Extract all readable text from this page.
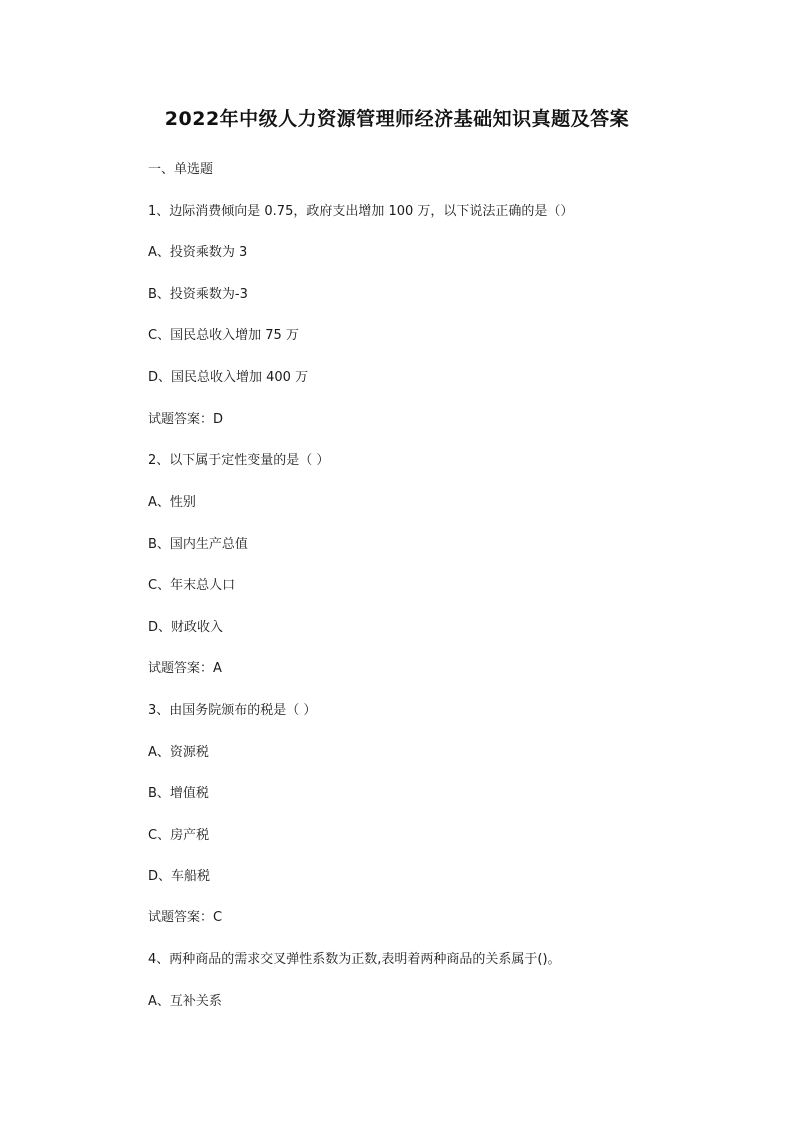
2022年中级人力资源管理师经济基础知识真题及答案
一、单选题
1、边际消费倾向是 0.75，政府支出增加 100 万，以下说法正确的是（）
A、投资乘数为 3
B、投资乘数为-3
C、国民总收入增加 75 万
D、国民总收入增加 400 万
试题答案：D
2、以下属于定性变量的是（ ）
A、性别
B、国内生产总值
C、年末总人口
D、财政收入
试题答案：A
3、由国务院颁布的税是（ ）
A、资源税
B、增值税
C、房产税
D、车船税
试题答案：C
4、两种商品的需求交叉弹性系数为正数,表明着两种商品的关系属于()。
A、互补关系
